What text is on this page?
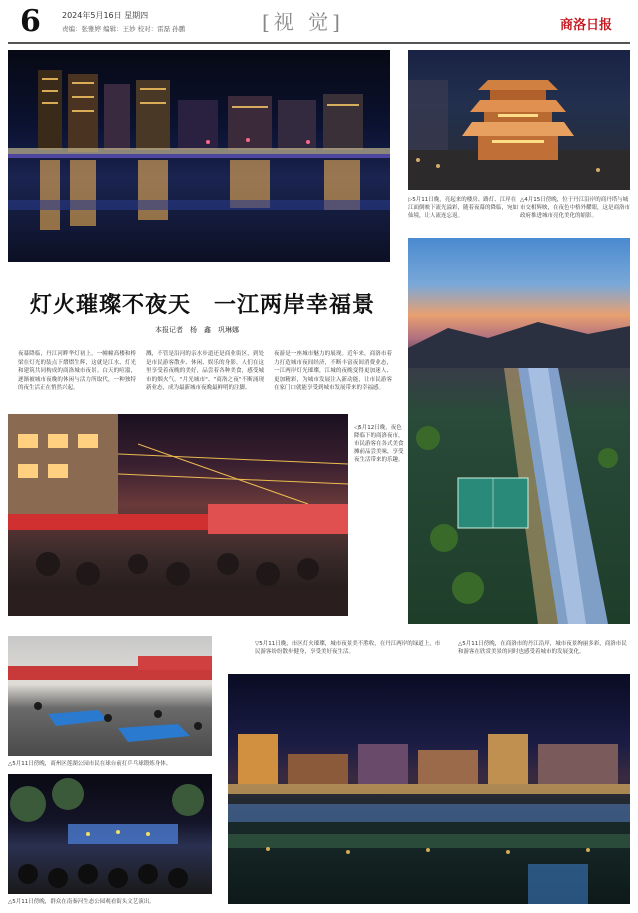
6	2024年5月16日 星期四
责编：张雅婷 编辑：王妙 校对：雷磊 孙鹏	[视 觉]	商洛日报
▷5月11日晚，亮起来的楼房、路灯、江岸在江面倒映下流光溢彩，随着夜幕的降临，宛如仙境，让人流连忘返。
△4月15日傍晚，位于丹江沿岸的商丹塔与城市交相辉映，在夜色中格外耀眼，这是商洛市政府推进城市亮化美化的缩影。
灯火璀璨不夜天　一江两岸幸福景
本报记者　杨　鑫　巩琳娜
夜幕降临，丹江河畔华灯初上，一幢幢高楼和桥梁在灯光的装点下熠熠生辉，这就是江水、灯光和建筑共同构成的商洛城市夜景。白天的喧嚣，逐渐被城市夜晚的休闲与活力所取代，一种独特的夜生活正在悄然兴起。
溅，不管是沿河的亲水步道还是商业街区，到处是市民游客散步、休闲、娱乐的身影。人们在这里享受着夜晚的美好，品尝着各种美食，感受城市的烟火气。"月光城市"、"商洛之夜"不断涌现新业态，成为最新城市夜晚最鲜明的注脚。
夜游是一座城市魅力的展现。近年来，商洛市着力打造城市夜间经济，不断丰富夜间消费业态，一江两岸灯光璀璨，江城的夜晚变得更加迷人、更加精彩，为城市发展注入新动能，让市民游客在家门口就能享受到城市发展带来的幸福感。
◁5月12日晚，夜色降临下的商洛夜市，市民游客在各式美食摊前品尝美味，享受夜生活带来的乐趣。
▽5月11日晚，市区灯火璀璨，城市夜景美不胜收，在丹江两岸的绿道上，市民游客纷纷散步健身，享受美好夜生活。
△5月11日傍晚，在商洛市的丹江沿岸，城市夜景绚丽多彩，商洛市民和游客在欣赏美景的同时也感受着城市的发展变化。
△5月11日傍晚，商州区莲湖公园市民在球台前打乒乓球锻炼身体。
△5月11日傍晚，群众在南秦河生态公园观看街头文艺演出。
